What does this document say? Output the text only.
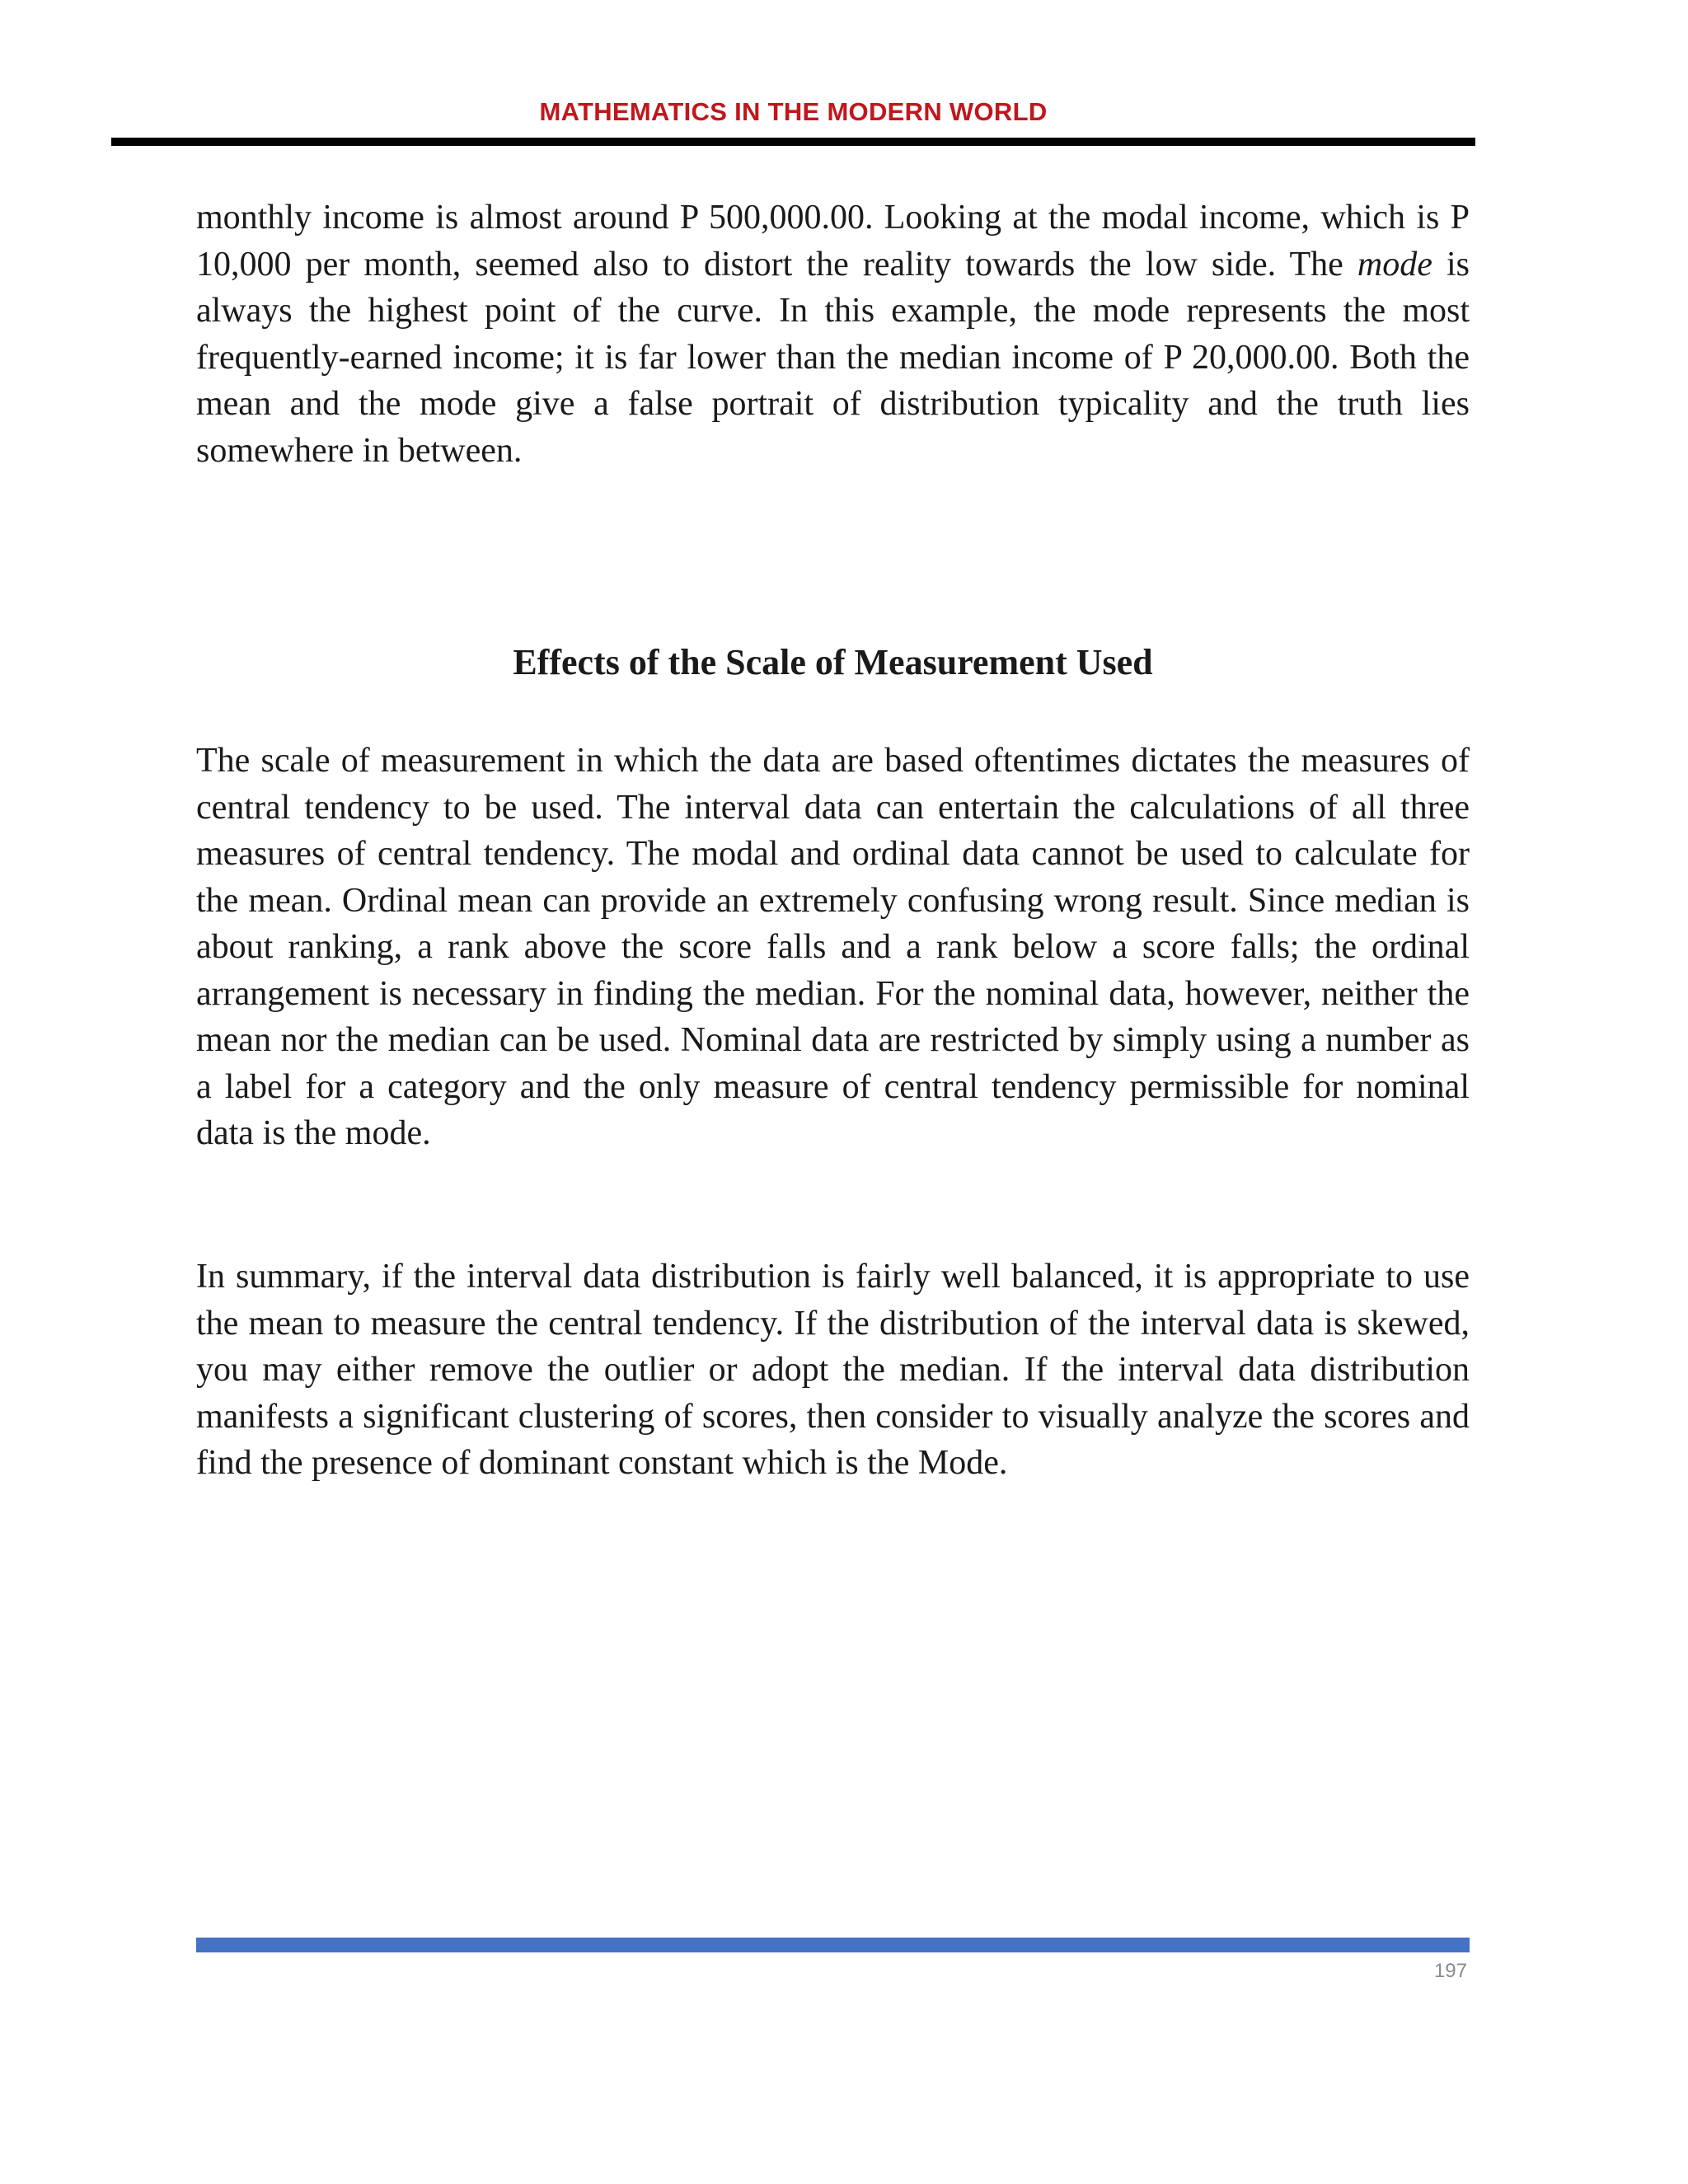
MATHEMATICS IN THE MODERN WORLD

monthly income is almost around P 500,000.00. Looking at the modal income, which is P 10,000 per month, seemed also to distort the reality towards the low side. The mode is always the highest point of the curve. In this example, the mode represents the most frequently-earned income; it is far lower than the median income of P 20,000.00. Both the mean and the mode give a false portrait of distribution typicality and the truth lies somewhere in between.

Effects of the Scale of Measurement Used

The scale of measurement in which the data are based oftentimes dictates the measures of central tendency to be used. The interval data can entertain the calculations of all three measures of central tendency. The modal and ordinal data cannot be used to calculate for the mean. Ordinal mean can provide an extremely confusing wrong result. Since median is about ranking, a rank above the score falls and a rank below a score falls; the ordinal arrangement is necessary in finding the median. For the nominal data, however, neither the mean nor the median can be used. Nominal data are restricted by simply using a number as a label for a category and the only measure of central tendency permissible for nominal data is the mode.

In summary, if the interval data distribution is fairly well balanced, it is appropriate to use the mean to measure the central tendency. If the distribution of the interval data is skewed, you may either remove the outlier or adopt the median. If the interval data distribution manifests a significant clustering of scores, then consider to visually analyze the scores and find the presence of dominant constant which is the Mode.

197
